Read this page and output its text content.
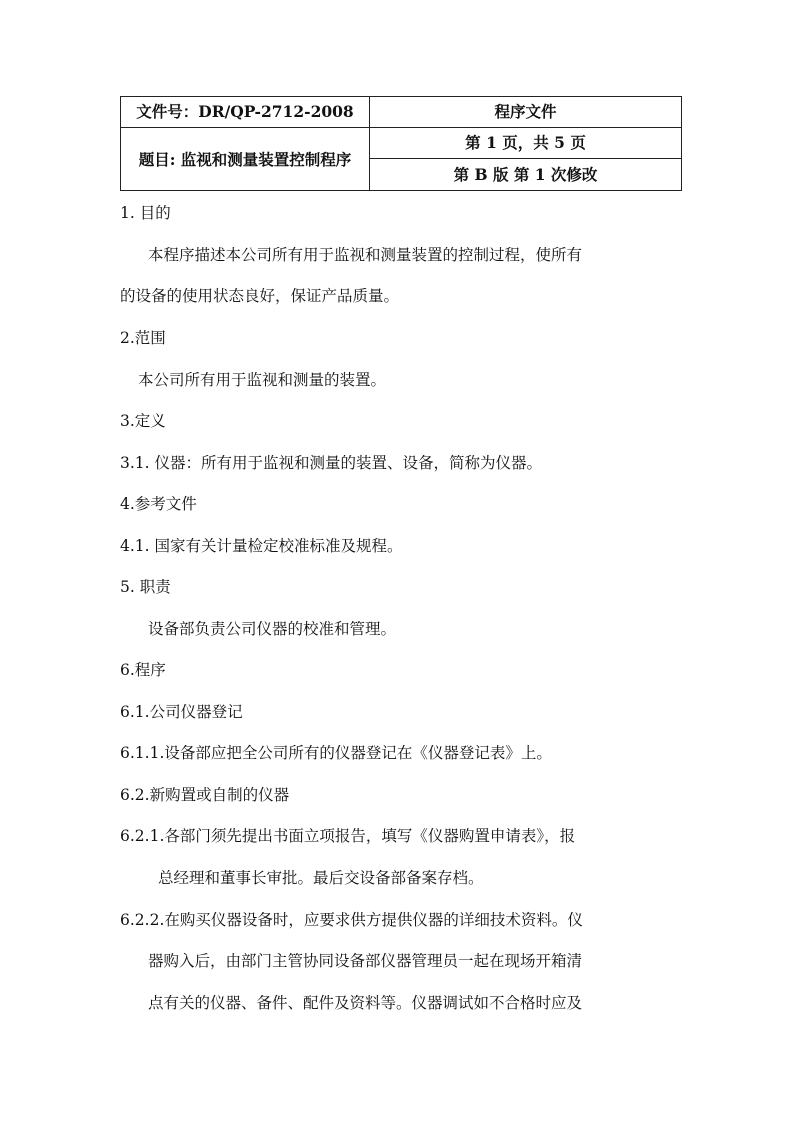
文件号：DR/QP-2712-2008	程序文件
题目: 监视和测量装置控制程序	第 1 页，共 5 页
	第 B 版 第 1 次修改
1. 目的
本程序描述本公司所有用于监视和测量装置的控制过程，使所有
的设备的使用状态良好，保证产品质量。
2.范围
本公司所有用于监视和测量的装置。
3.定义
3.1. 仪器：所有用于监视和测量的装置、设备，简称为仪器。
4.参考文件
4.1. 国家有关计量检定校准标准及规程。
5. 职责
设备部负责公司仪器的校准和管理。
6.程序
6.1.公司仪器登记
6.1.1.设备部应把全公司所有的仪器登记在《仪器登记表》上。
6.2.新购置或自制的仪器
6.2.1.各部门须先提出书面立项报告，填写《仪器购置申请表》，报
总经理和董事长审批。最后交设备部备案存档。
6.2.2.在购买仪器设备时，应要求供方提供仪器的详细技术资料。仪
器购入后，由部门主管协同设备部仪器管理员一起在现场开箱清
点有关的仪器、备件、配件及资料等。仪器调试如不合格时应及
